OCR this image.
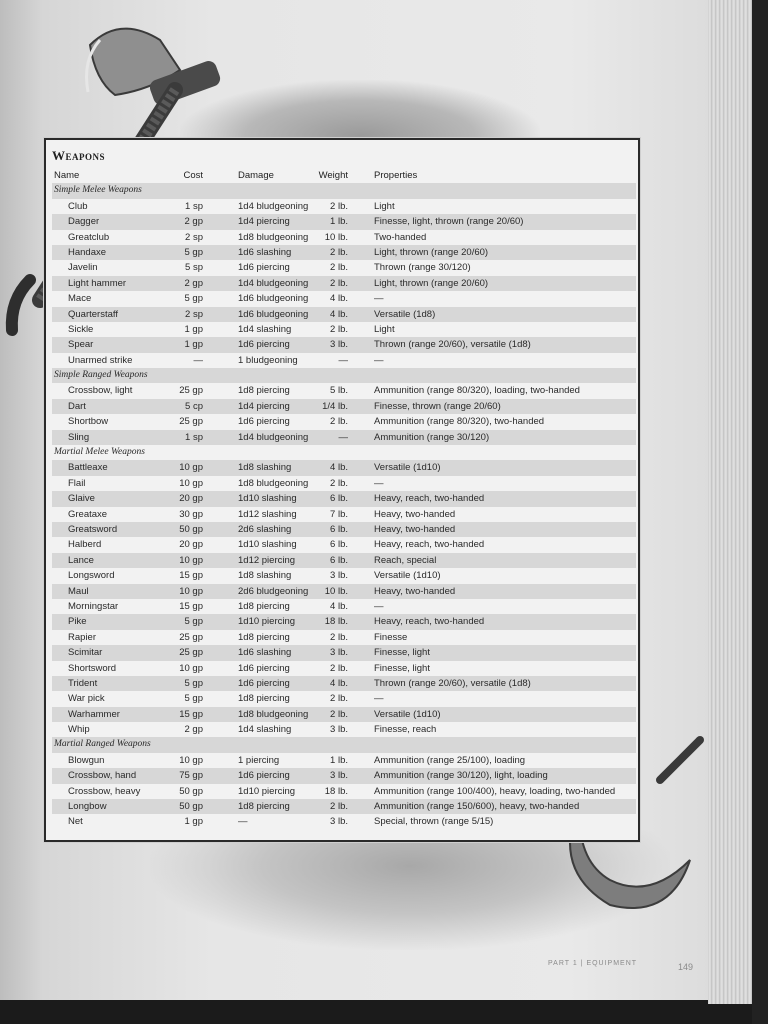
Weapons
Name	Cost	Damage	Weight	Properties
Simple Melee Weapons
Club	1 sp	1d4 bludgeoning 2 lb.	Light
Dagger	2 gp	1d4 piercing	1 lb.	Finesse, light, thrown (range 20/60)
Greatclub	2 sp	1d8 bludgeoning 10 lb.	Two-handed
Handaxe	5 gp	1d6 slashing	2 lb.	Light, thrown (range 20/60)
Javelin	5 sp	1d6 piercing	2 lb.	Thrown (range 30/120)
Light hammer	2 gp	1d4 bludgeoning 2 lb.	Light, thrown (range 20/60)
Mace	5 gp	1d6 bludgeoning 4 lb.	—
Quarterstaff	2 sp	1d6 bludgeoning 4 lb.	Versatile (1d8)
Sickle	1 gp	1d4 slashing	2 lb.	Light
Spear	1 gp	1d6 piercing	3 lb.	Thrown (range 20/60), versatile (1d8)
Unarmed strike	—	1 bludgeoning	—	—
Simple Ranged Weapons
Crossbow, light	25 gp	1d8 piercing	5 lb.	Ammunition (range 80/320), loading, two-handed
Dart	5 cp	1d4 piercing	1/4 lb.	Finesse, thrown (range 20/60)
Shortbow	25 gp	1d6 piercing	2 lb.	Ammunition (range 80/320), two-handed
Sling	1 sp	1d4 bludgeoning	—	Ammunition (range 30/120)
Martial Melee Weapons
Battleaxe	10 gp	1d8 slashing	4 lb.	Versatile (1d10)
Flail	10 gp	1d8 bludgeoning 2 lb.	—
Glaive	20 gp	1d10 slashing	6 lb.	Heavy, reach, two-handed
Greataxe	30 gp	1d12 slashing	7 lb.	Heavy, two-handed
Greatsword	50 gp	2d6 slashing	6 lb.	Heavy, two-handed
Halberd	20 gp	1d10 slashing	6 lb.	Heavy, reach, two-handed
Lance	10 gp	1d12 piercing	6 lb.	Reach, special
Longsword	15 gp	1d8 slashing	3 lb.	Versatile (1d10)
Maul	10 gp	2d6 bludgeoning 10 lb.	Heavy, two-handed
Morningstar	15 gp	1d8 piercing	4 lb.	—
Pike	5 gp	1d10 piercing	18 lb.	Heavy, reach, two-handed
Rapier	25 gp	1d8 piercing	2 lb.	Finesse
Scimitar	25 gp	1d6 slashing	3 lb.	Finesse, light
Shortsword	10 gp	1d6 piercing	2 lb.	Finesse, light
Trident	5 gp	1d6 piercing	4 lb.	Thrown (range 20/60), versatile (1d8)
War pick	5 gp	1d8 piercing	2 lb.	—
Warhammer	15 gp	1d8 bludgeoning 2 lb.	Versatile (1d10)
Whip	2 gp	1d4 slashing	3 lb.	Finesse, reach
Martial Ranged Weapons
Blowgun	10 gp	1 piercing	1 lb.	Ammunition (range 25/100), loading
Crossbow, hand	75 gp	1d6 piercing	3 lb.	Ammunition (range 30/120), light, loading
Crossbow, heavy	50 gp	1d10 piercing	18 lb.	Ammunition (range 100/400), heavy, loading, two-handed
Longbow	50 gp	1d8 piercing	2 lb.	Ammunition (range 150/600), heavy, two-handed
Net	1 gp	—	3 lb.	Special, thrown (range 5/15)
PART 1 | EQUIPMENT	149
